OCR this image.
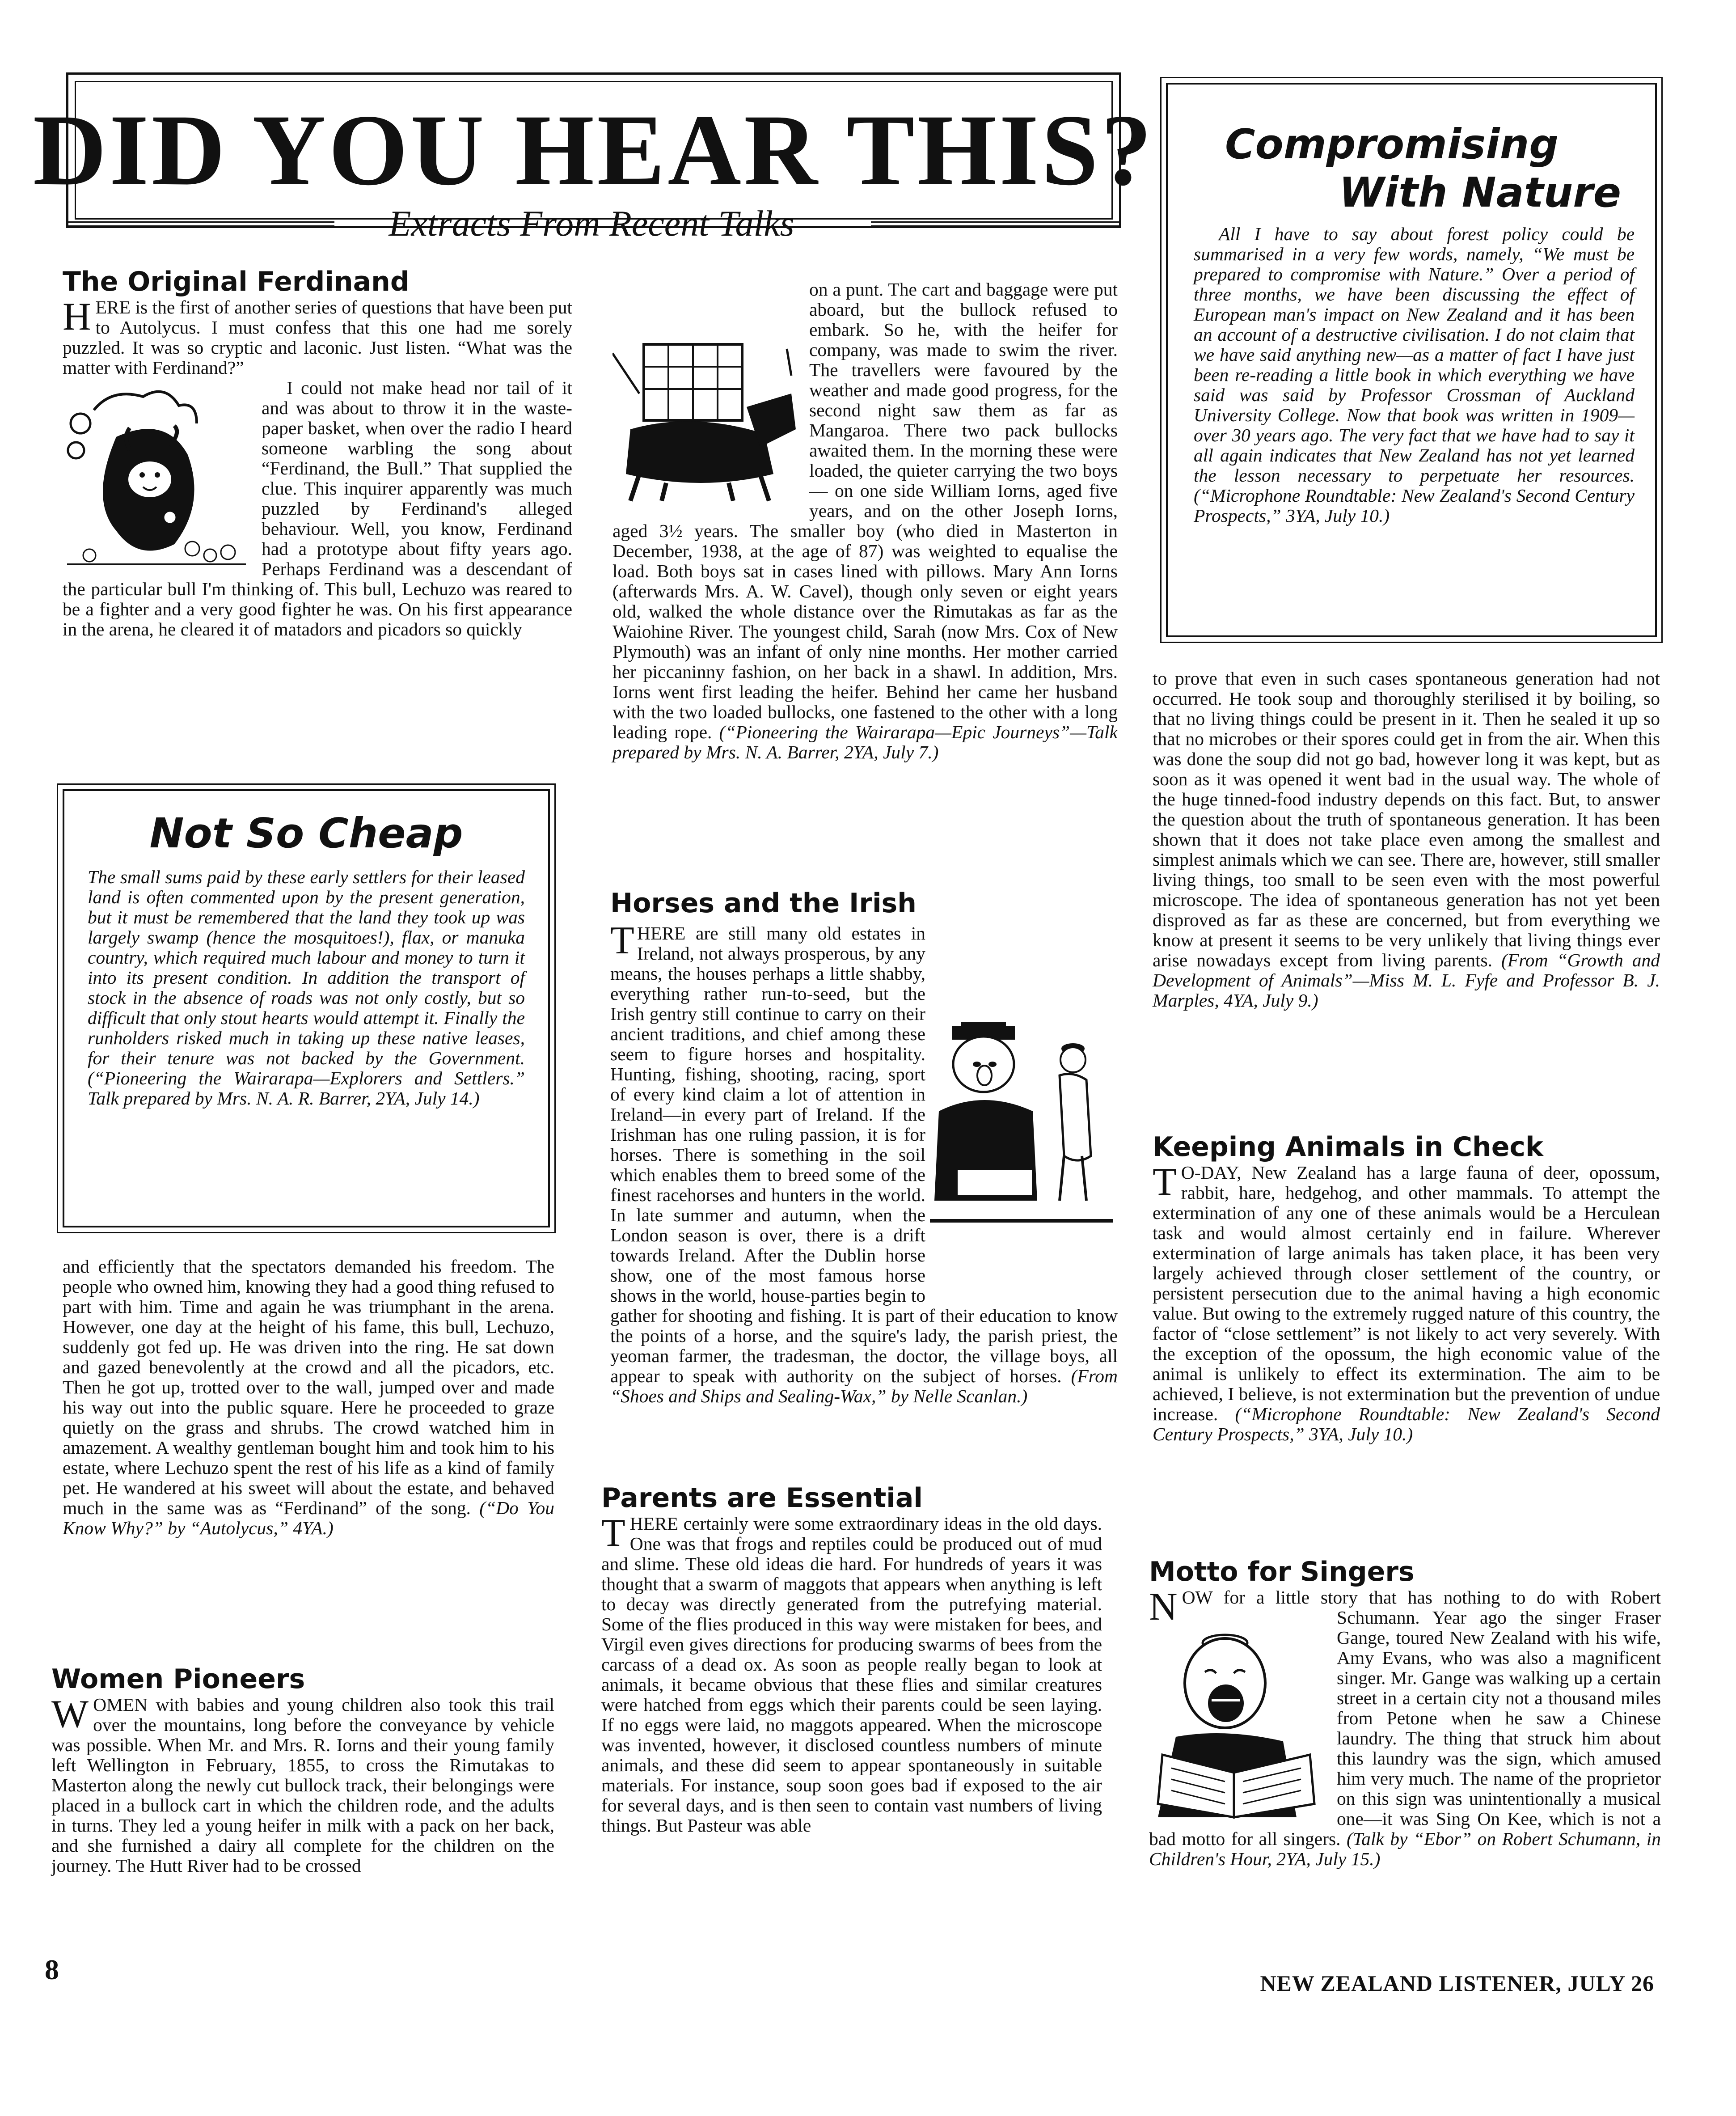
DID YOU HEAR THIS?
Extracts From Recent Talks
The Original Ferdinand

HERE is the first of another series of questions that have been put to Autolycus. I must confess that this one had me sorely puzzled. It was so cryptic and laconic. Just listen. “What was the matter with Ferdinand?”

I could not make head nor tail of it and was about to throw it in the waste-paper basket, when over the radio I heard someone warbling the song about “Ferdinand, the Bull.” That supplied the clue. This inquirer apparently was much puzzled by Ferdinand's alleged behaviour. Well, you know, Ferdinand had a prototype about fifty years ago. Perhaps Ferdinand was a descendant of the particular bull I'm thinking of. This bull, Lechuzo was reared to be a fighter and a very good fighter he was. On his first appearance in the arena, he cleared it of matadors and picadors so quickly

Not So Cheap

The small sums paid by these early settlers for their leased land is often commented upon by the present generation, but it must be remembered that the land they took up was largely swamp (hence the mosquitoes!), flax, or manuka country, which required much labour and money to turn it into its present condition. In addition the transport of stock in the absence of roads was not only costly, but so difficult that only stout hearts would attempt it. Finally the runholders risked much in taking up these native leases, for their tenure was not backed by the Government. (“Pioneering the Wairarapa—Explorers and Settlers.” Talk prepared by Mrs. N. A. R. Barrer, 2YA, July 14.)

and efficiently that the spectators demanded his freedom. The people who owned him, knowing they had a good thing refused to part with him. Time and again he was triumphant in the arena. However, one day at the height of his fame, this bull, Lechuzo, suddenly got fed up. He was driven into the ring. He sat down and gazed benevolently at the crowd and all the picadors, etc. Then he got up, trotted over to the wall, jumped over and made his way out into the public square. Here he proceeded to graze quietly on the grass and shrubs. The crowd watched him in amazement. A wealthy gentleman bought him and took him to his estate, where Lechuzo spent the rest of his life as a kind of family pet. He wandered at his sweet will about the estate, and behaved much in the same was as “Ferdinand” of the song. (“Do You Know Why?” by “Autolycus,” 4YA.)

Women Pioneers

WOMEN with babies and young children also took this trail over the mountains, long before the conveyance by vehicle was possible. When Mr. and Mrs. R. Iorns and their young family left Wellington in February, 1855, to cross the Rimutakas to Masterton along the newly cut bullock track, their belongings were placed in a bullock cart in which the children rode, and the adults in turns. They led a young heifer in milk with a pack on her back, and she furnished a dairy all complete for the children on the journey. The Hutt River had to be crossed

on a punt. The cart and baggage were put aboard, but the bullock refused to embark. So he, with the heifer for company, was made to swim the river. The travellers were favoured by the weather and made good progress, for the second night saw them as far as Mangaroa. There two pack bullocks awaited them. In the morning these were loaded, the quieter carrying the two boys — on one side William Iorns, aged five years, and on the other Joseph Iorns, aged 3½ years. The smaller boy (who died in Masterton in December, 1938, at the age of 87) was weighted to equalise the load. Both boys sat in cases lined with pillows. Mary Ann Iorns (afterwards Mrs. A. W. Cavel), though only seven or eight years old, walked the whole distance over the Rimutakas as far as the Waiohine River. The youngest child, Sarah (now Mrs. Cox of New Plymouth) was an infant of only nine months. Her mother carried her piccaninny fashion, on her back in a shawl. In addition, Mrs. Iorns went first leading the heifer. Behind her came her husband with the two loaded bullocks, one fastened to the other with a long leading rope. (“Pioneering the Wairarapa—Epic Journeys”—Talk prepared by Mrs. N. A. Barrer, 2YA, July 7.)

Horses and the Irish

HERE are still many old estates in Ireland, not always prosperous, by any means, the houses perhaps a little shabby, everything rather run-to-seed, but the Irish gentry still continue to carry on their ancient traditions, and chief among these seem to figure horses and hospitality. Hunting, fishing, shooting, racing, sport of every kind claim a lot of attention in Ireland—in every part of Ireland. If the Irishman has one ruling passion, it is for horses. There is something in the soil which enables them to breed some of the finest racehorses and hunters in the world. In late summer and autumn, when the London season is over, there is a drift towards Ireland. After the Dublin horse show, one of the most famous horse shows in the world, house-parties begin to gather for shooting and fishing. It is part of their education to know the points of a horse, and the squire's lady, the parish priest, the yeoman farmer, the tradesman, the doctor, the village boys, all appear to speak with authority on the subject of horses. (From “Shoes and Ships and Sealing-Wax,” by Nelle Scanlan.)

T
Parents are Essential

THERE certainly were some extraordinary ideas in the old days. One was that frogs and reptiles could be produced out of mud and slime. These old ideas die hard. For hundreds of years it was thought that a swarm of maggots that appears when anything is left to decay was directly generated from the putrefying material. Some of the flies produced in this way were mistaken for bees, and Virgil even gives directions for producing swarms of bees from the carcass of a dead ox. As soon as people really began to look at animals, it became obvious that these flies and similar creatures were hatched from eggs which their parents could be seen laying. If no eggs were laid, no maggots appeared. When the microscope was invented, however, it disclosed countless numbers of minute animals, and these did seem to appear spontaneously in suitable materials. For instance, soup soon goes bad if exposed to the air for several days, and is then seen to contain vast numbers of living things. But Pasteur was able

Compromising
With Nature

All I have to say about forest policy could be summarised in a very few words, namely, “We must be prepared to compromise with Nature.” Over a period of three months, we have been discussing the effect of European man's impact on New Zealand and it has been an account of a destructive civilisation. I do not claim that we have said anything new—as a matter of fact I have just been re-reading a little book in which everything we have said was said by Professor Crossman of Auckland University College. Now that book was written in 1909—over 30 years ago. The very fact that we have had to say it all again indicates that New Zealand has not yet learned the lesson necessary to perpetuate her resources. (“Microphone Roundtable: New Zealand's Second Century Prospects,” 3YA, July 10.)

to prove that even in such cases spontaneous generation had not occurred. He took soup and thoroughly sterilised it by boiling, so that no living things could be present in it. Then he sealed it up so that no microbes or their spores could get in from the air. When this was done the soup did not go bad, however long it was kept, but as soon as it was opened it went bad in the usual way. The whole of the huge tinned-food industry depends on this fact. But, to answer the question about the truth of spontaneous generation. It has been shown that it does not take place even among the smallest and simplest animals which we can see. There are, however, still smaller living things, too small to be seen even with the most powerful microscope. The idea of spontaneous generation has not yet been disproved as far as these are concerned, but from everything we know at present it seems to be very unlikely that living things ever arise nowadays except from living parents. (From “Growth and Development of Animals”—Miss M. L. Fyfe and Professor B. J. Marples, 4YA, July 9.)

Keeping Animals in Check

T O-DAY, New Zealand has a large fauna of deer, opossum, rabbit, hare, hedgehog, and other mammals. To attempt the extermination of any one of these animals would be a Herculean task and would almost certainly end in failure. Wherever extermination of large animals has taken place, it has been very largely achieved through closer settlement of the country, or persistent persecution due to the animal having a high economic value. But owing to the extremely rugged nature of this country, the factor of “close settlement” is not likely to act very severely. With the exception of the opossum, the high economic value of the animal is unlikely to effect its extermination. The aim to be achieved, I believe, is not extermination but the prevention of undue increase. (“Microphone Roundtable: New Zealand's Second Century Prospects,” 3YA, July 10.)

Motto for Singers

N OW for a little story that has nothing to do with Robert Schumann. Year ago the singer Fraser Gange, toured New Zealand with his wife, Amy Evans, who was also a magnificent singer. Mr. Gange was walking up a certain street in a certain city not a thousand miles from Petone when he saw a Chinese laundry. The thing that struck him about this laundry was the sign, which amused him very much. The name of the proprietor on this sign was unintentionally a musical one—it was Sing On Kee, which is not a bad motto for all singers. (Talk by “Ebor” on Robert Schumann, in Children's Hour, 2YA, July 15.)

8	NEW ZEALAND LISTENER, JULY 26
